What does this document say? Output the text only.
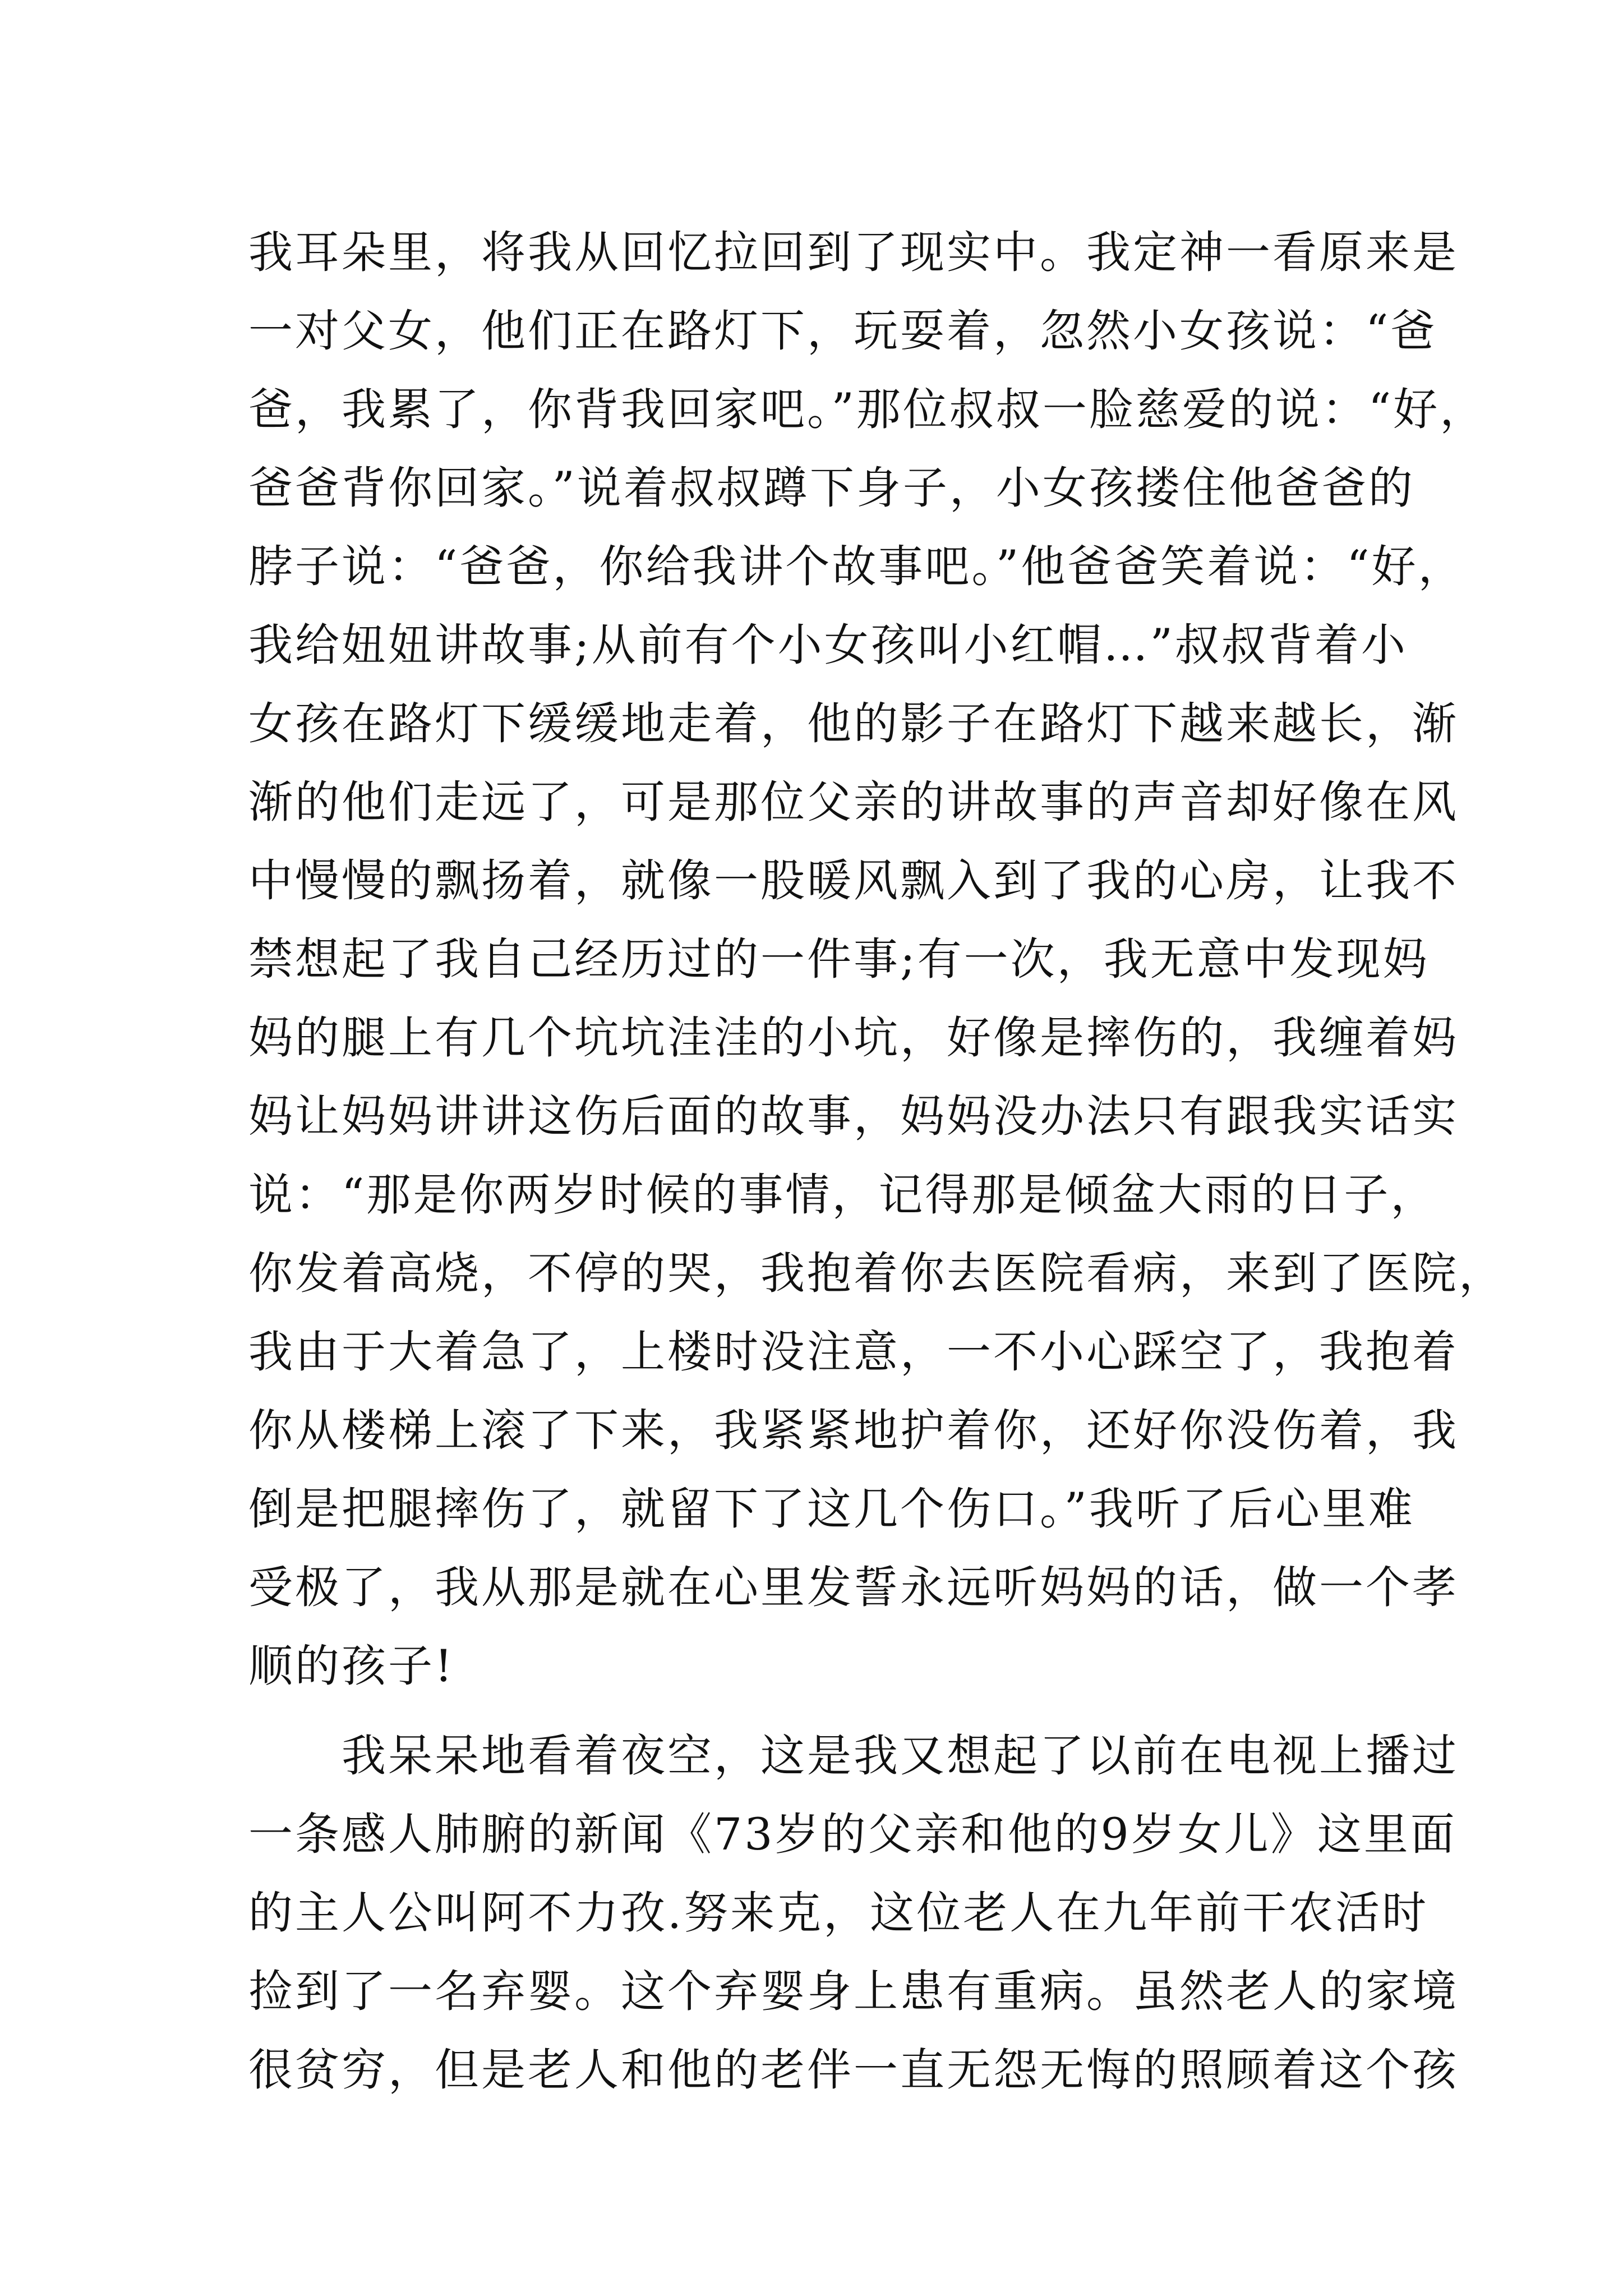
我耳朵里，将我从回忆拉回到了现实中。我定神一看原来是
一对父女，他们正在路灯下，玩耍着，忽然小女孩说：“爸
爸，我累了，你背我回家吧。”那位叔叔一脸慈爱的说：“好，
爸爸背你回家。”说着叔叔蹲下身子，小女孩搂住他爸爸的
脖子说：“爸爸，你给我讲个故事吧。”他爸爸笑着说：“好，
我给妞妞讲故事;从前有个小女孩叫小红帽…”叔叔背着小
女孩在路灯下缓缓地走着，他的影子在路灯下越来越长，渐
渐的他们走远了，可是那位父亲的讲故事的声音却好像在风
中慢慢的飘扬着，就像一股暖风飘入到了我的心房，让我不
禁想起了我自己经历过的一件事;有一次，我无意中发现妈
妈的腿上有几个坑坑洼洼的小坑，好像是摔伤的，我缠着妈
妈让妈妈讲讲这伤后面的故事，妈妈没办法只有跟我实话实
说：“那是你两岁时候的事情，记得那是倾盆大雨的日子，
你发着高烧，不停的哭，我抱着你去医院看病，来到了医院，
我由于大着急了，上楼时没注意，一不小心踩空了，我抱着
你从楼梯上滚了下来，我紧紧地护着你，还好你没伤着，我
倒是把腿摔伤了，就留下了这几个伤口。”我听了后心里难
受极了，我从那是就在心里发誓永远听妈妈的话，做一个孝
顺的孩子!
我呆呆地看着夜空，这是我又想起了以前在电视上播过
一条感人肺腑的新闻《73岁的父亲和他的9岁女儿》这里面
的主人公叫阿不力孜.努来克，这位老人在九年前干农活时
捡到了一名弃婴。这个弃婴身上患有重病。虽然老人的家境
很贫穷，但是老人和他的老伴一直无怨无悔的照顾着这个孩
